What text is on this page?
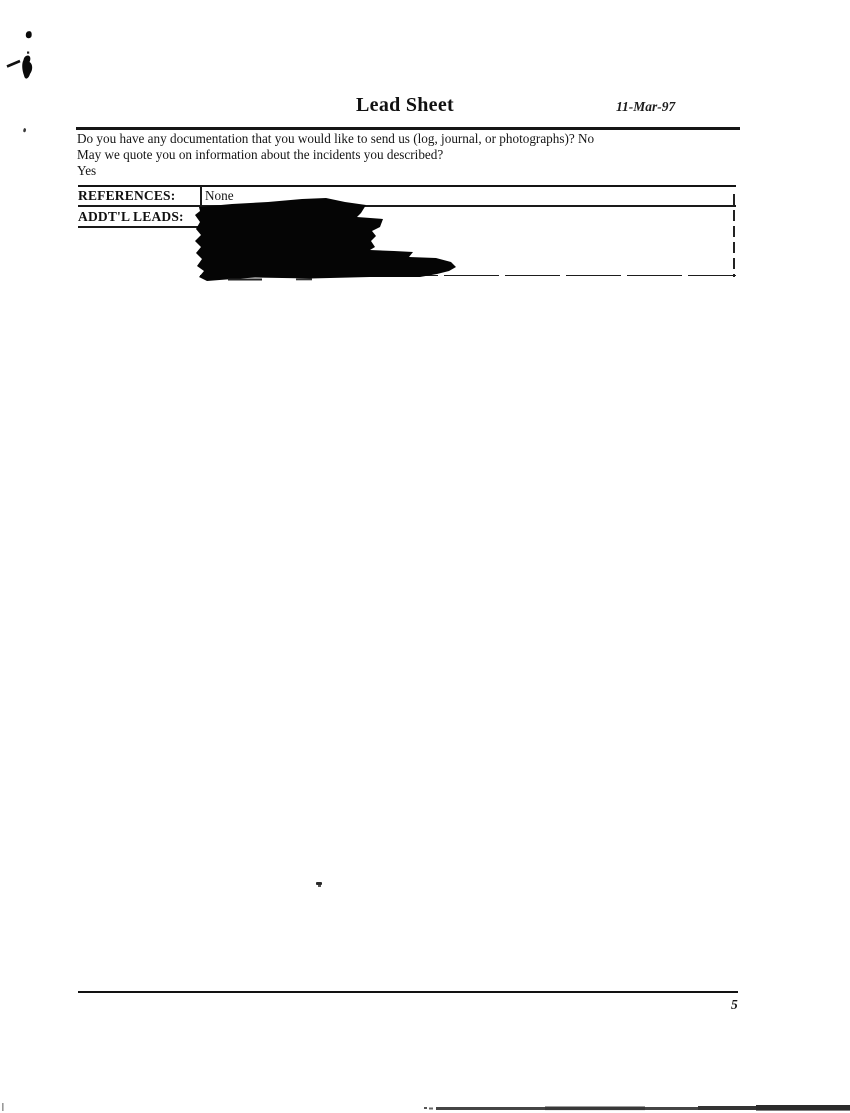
Lead Sheet	11-Mar-97
Do you have any documentation that you would like to send us (log, journal, or photographs)? No
May we quote you on information about the incidents you described?
Yes
REFERENCES: None
ADDT'L LEADS:
5
